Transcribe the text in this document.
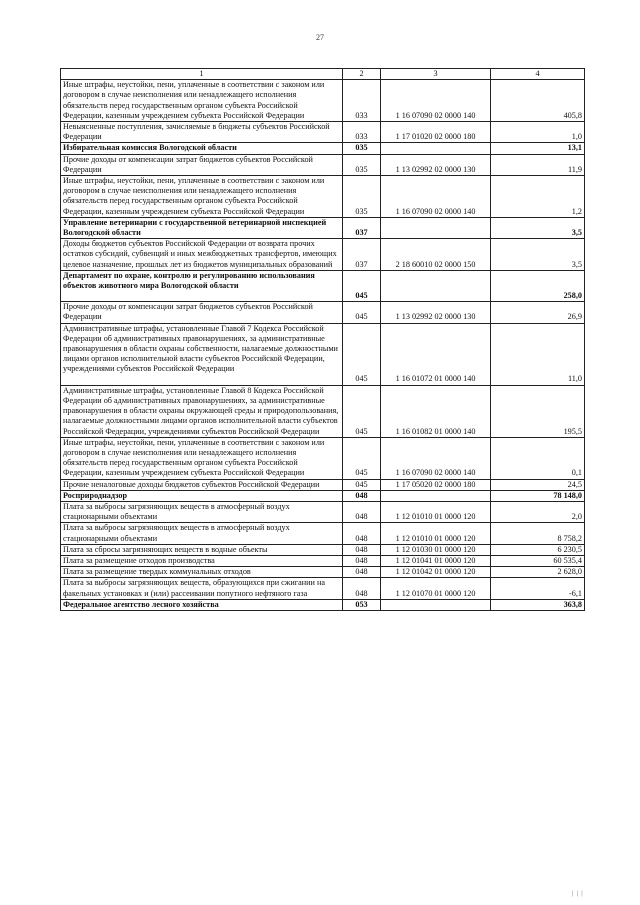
27
1	2	3	4
Иные штрафы, неустойки, пени, уплаченные в соответствии с законом или договором в случае неисполнения или ненадлежащего исполнения обязательств перед государственным органом субъекта Российской Федерации, казенным учреждением субъекта Российской Федерации	033	1 16 07090 02 0000 140	405,8
Невыясненные поступления, зачисляемые в бюджеты субъектов Российской Федерации	033	1 17 01020 02 0000 180	1,0
Избирательная комиссия Вологодской области	035		13,1
Прочие доходы от компенсации затрат бюджетов субъектов Российской Федерации	035	1 13 02992 02 0000 130	11,9
Иные штрафы, неустойки, пени, уплаченные в соответствии с законом или договором в случае неисполнения или ненадлежащего исполнения обязательств перед государственным органом субъекта Российской Федерации, казенным учреждением субъекта Российской Федерации	035	1 16 07090 02 0000 140	1,2
Управление ветеринарии с государственной ветеринарной инспекцией Вологодской области	037		3,5
Доходы бюджетов субъектов Российской Федерации от возврата прочих остатков субсидий, субвенций и иных межбюджетных трансфертов, имеющих целевое назначение, прошлых лет из бюджетов муниципальных образований	037	2 18 60010 02 0000 150	3,5
Департамент по охране, контролю и регулированию использования объектов животного мира Вологодской области	045		258,0
Прочие доходы от компенсации затрат бюджетов субъектов Российской Федерации	045	1 13 02992 02 0000 130	26,9
Административные штрафы, установленные Главой 7 Кодекса Российской Федерации об административных правонарушениях, за административные правонарушения в области охраны собственности, налагаемые должностными лицами органов исполнительной власти субъектов Российской Федерации, учреждениями субъектов Российской Федерации	045	1 16 01072 01 0000 140	11,0
Административные штрафы, установленные Главой 8 Кодекса Российской Федерации об административных правонарушениях, за административные правонарушения в области охраны окружающей среды и природопользования, налагаемые должностными лицами органов исполнительной власти субъектов Российской Федерации, учреждениями субъектов Российской Федерации	045	1 16 01082 01 0000 140	195,5
Иные штрафы, неустойки, пени, уплаченные в соответствии с законом или договором в случае неисполнения или ненадлежащего исполнения обязательств перед государственным органом субъекта Российской Федерации, казенным учреждением субъекта Российской Федерации	045	1 16 07090 02 0000 140	0,1
Прочие неналоговые доходы бюджетов субъектов Российской Федерации	045	1 17 05020 02 0000 180	24,5
Росприроднадзор	048		78 148,0
Плата за выбросы загрязняющих веществ в атмосферный воздух стационарными объектами	048	1 12 01010 01 0000 120	2,0
Плата за выбросы загрязняющих веществ в атмосферный воздух стационарными объектами	048	1 12 01010 01 0000 120	8 758,2
Плата за сбросы загрязняющих веществ в водные объекты	048	1 12 01030 01 0000 120	6 230,5
Плата за размещение отходов производства	048	1 12 01041 01 0000 120	60 535,4
Плата за размещение твердых коммунальных отходов	048	1 12 01042 01 0000 120	2 628,0
Плата за выбросы загрязняющих веществ, образующихся при сжигании на факельных установках и (или) рассеивании попутного нефтяного газа	048	1 12 01070 01 0000 120	-6,1
Федеральное агентство лесного хозяйства	053		363,8
| | |
